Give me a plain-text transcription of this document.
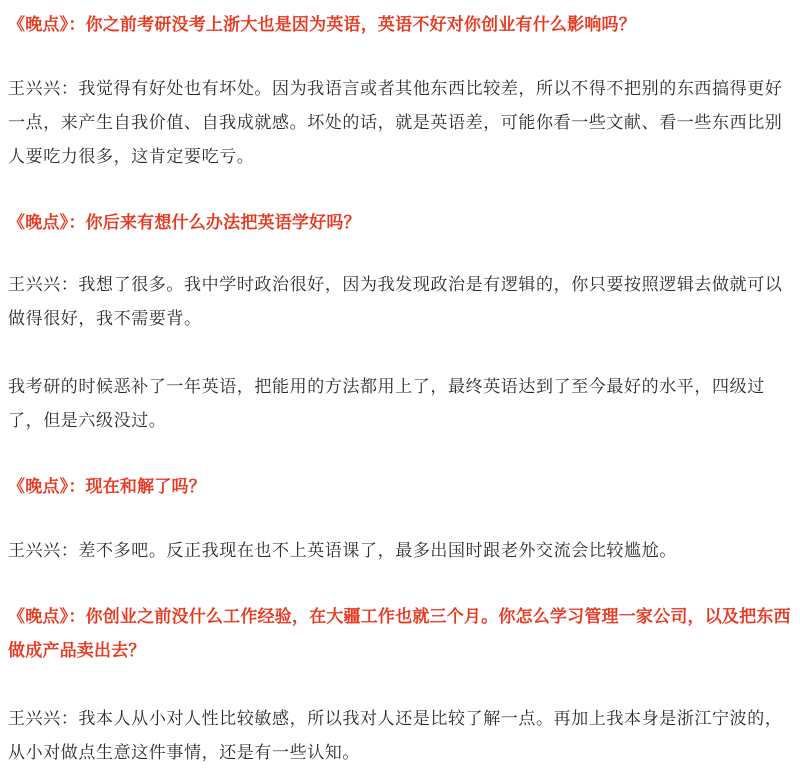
《晚点》：你之前考研没考上浙大也是因为英语，英语不好对你创业有什么影响吗？

王兴兴：我觉得有好处也有坏处。因为我语言或者其他东西比较差，所以不得不把别的东西搞得更好一点，来产生自我价值、自我成就感。坏处的话，就是英语差，可能你看一些文献、看一些东西比别人要吃力很多，这肯定要吃亏。

《晚点》：你后来有想什么办法把英语学好吗？

王兴兴：我想了很多。我中学时政治很好，因为我发现政治是有逻辑的，你只要按照逻辑去做就可以做得很好，我不需要背。

我考研的时候恶补了一年英语，把能用的方法都用上了，最终英语达到了至今最好的水平，四级过了，但是六级没过。

《晚点》：现在和解了吗？

王兴兴：差不多吧。反正我现在也不上英语课了，最多出国时跟老外交流会比较尴尬。

《晚点》：你创业之前没什么工作经验，在大疆工作也就三个月。你怎么学习管理一家公司，以及把东西做成产品卖出去？

王兴兴：我本人从小对人性比较敏感，所以我对人还是比较了解一点。再加上我本身是浙江宁波的，从小对做点生意这件事情，还是有一些认知。
